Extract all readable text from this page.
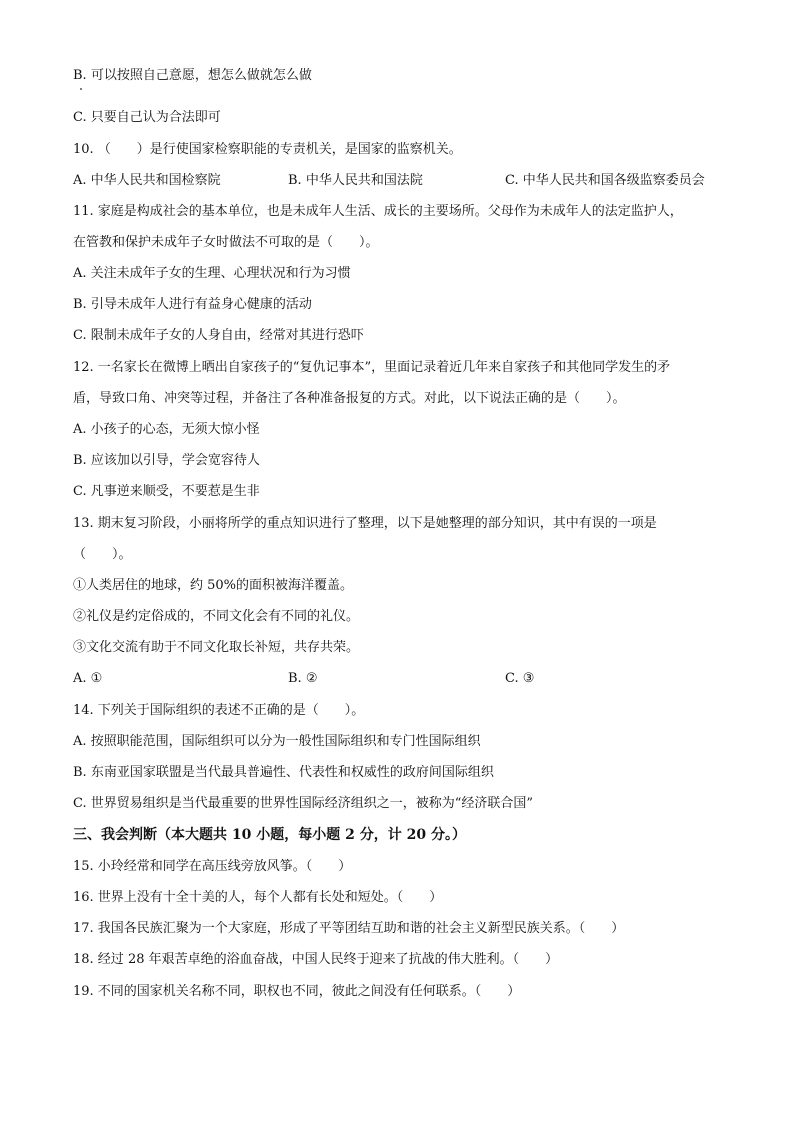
B. 可以按照自己意愿，想怎么做就怎么做
C. 只要自己认为合法即可
10. （　　）是行使国家检察职能的专责机关，是国家的监察机关。
A. 中华人民共和国检察院	B. 中华人民共和国法院	C. 中华人民共和国各级监察委员会
11. 家庭是构成社会的基本单位，也是未成年人生活、成长的主要场所。父母作为未成年人的法定监护人，
在管教和保护未成年子女时做法不可取的是（　　）。
A. 关注未成年子女的生理、心理状况和行为习惯
B. 引导未成年人进行有益身心健康的活动
C. 限制未成年子女的人身自由，经常对其进行恐吓
12. 一名家长在微博上晒出自家孩子的“复仇记事本”，里面记录着近几年来自家孩子和其他同学发生的矛
盾，导致口角、冲突等过程，并备注了各种准备报复的方式。对此，以下说法正确的是（　　）。
A. 小孩子的心态，无须大惊小怪
B. 应该加以引导，学会宽容待人
C. 凡事逆来顺受，不要惹是生非
13. 期末复习阶段，小丽将所学的重点知识进行了整理，以下是她整理的部分知识，其中有误的一项是
（　　）。
①人类居住的地球，约 50%的面积被海洋覆盖。
②礼仪是约定俗成的，不同文化会有不同的礼仪。
③文化交流有助于不同文化取长补短，共存共荣。
A. ①	B. ②	C. ③
14. 下列关于国际组织的表述不正确的是（　　）。
A. 按照职能范围，国际组织可以分为一般性国际组织和专门性国际组织
B. 东南亚国家联盟是当代最具普遍性、代表性和权威性的政府间国际组织
C. 世界贸易组织是当代最重要的世界性国际经济组织之一，被称为“经济联合国”
三、我会判断（本大题共 10 小题，每小题 2 分，计 20 分。）
15. 小玲经常和同学在高压线旁放风筝。（　　）
16. 世界上没有十全十美的人，每个人都有长处和短处。（　　）
17. 我国各民族汇聚为一个大家庭，形成了平等团结互助和谐的社会主义新型民族关系。（　　）
18. 经过 28 年艰苦卓绝的浴血奋战，中国人民终于迎来了抗战的伟大胜利。（　　）
19. 不同的国家机关名称不同，职权也不同，彼此之间没有任何联系。（　　）
